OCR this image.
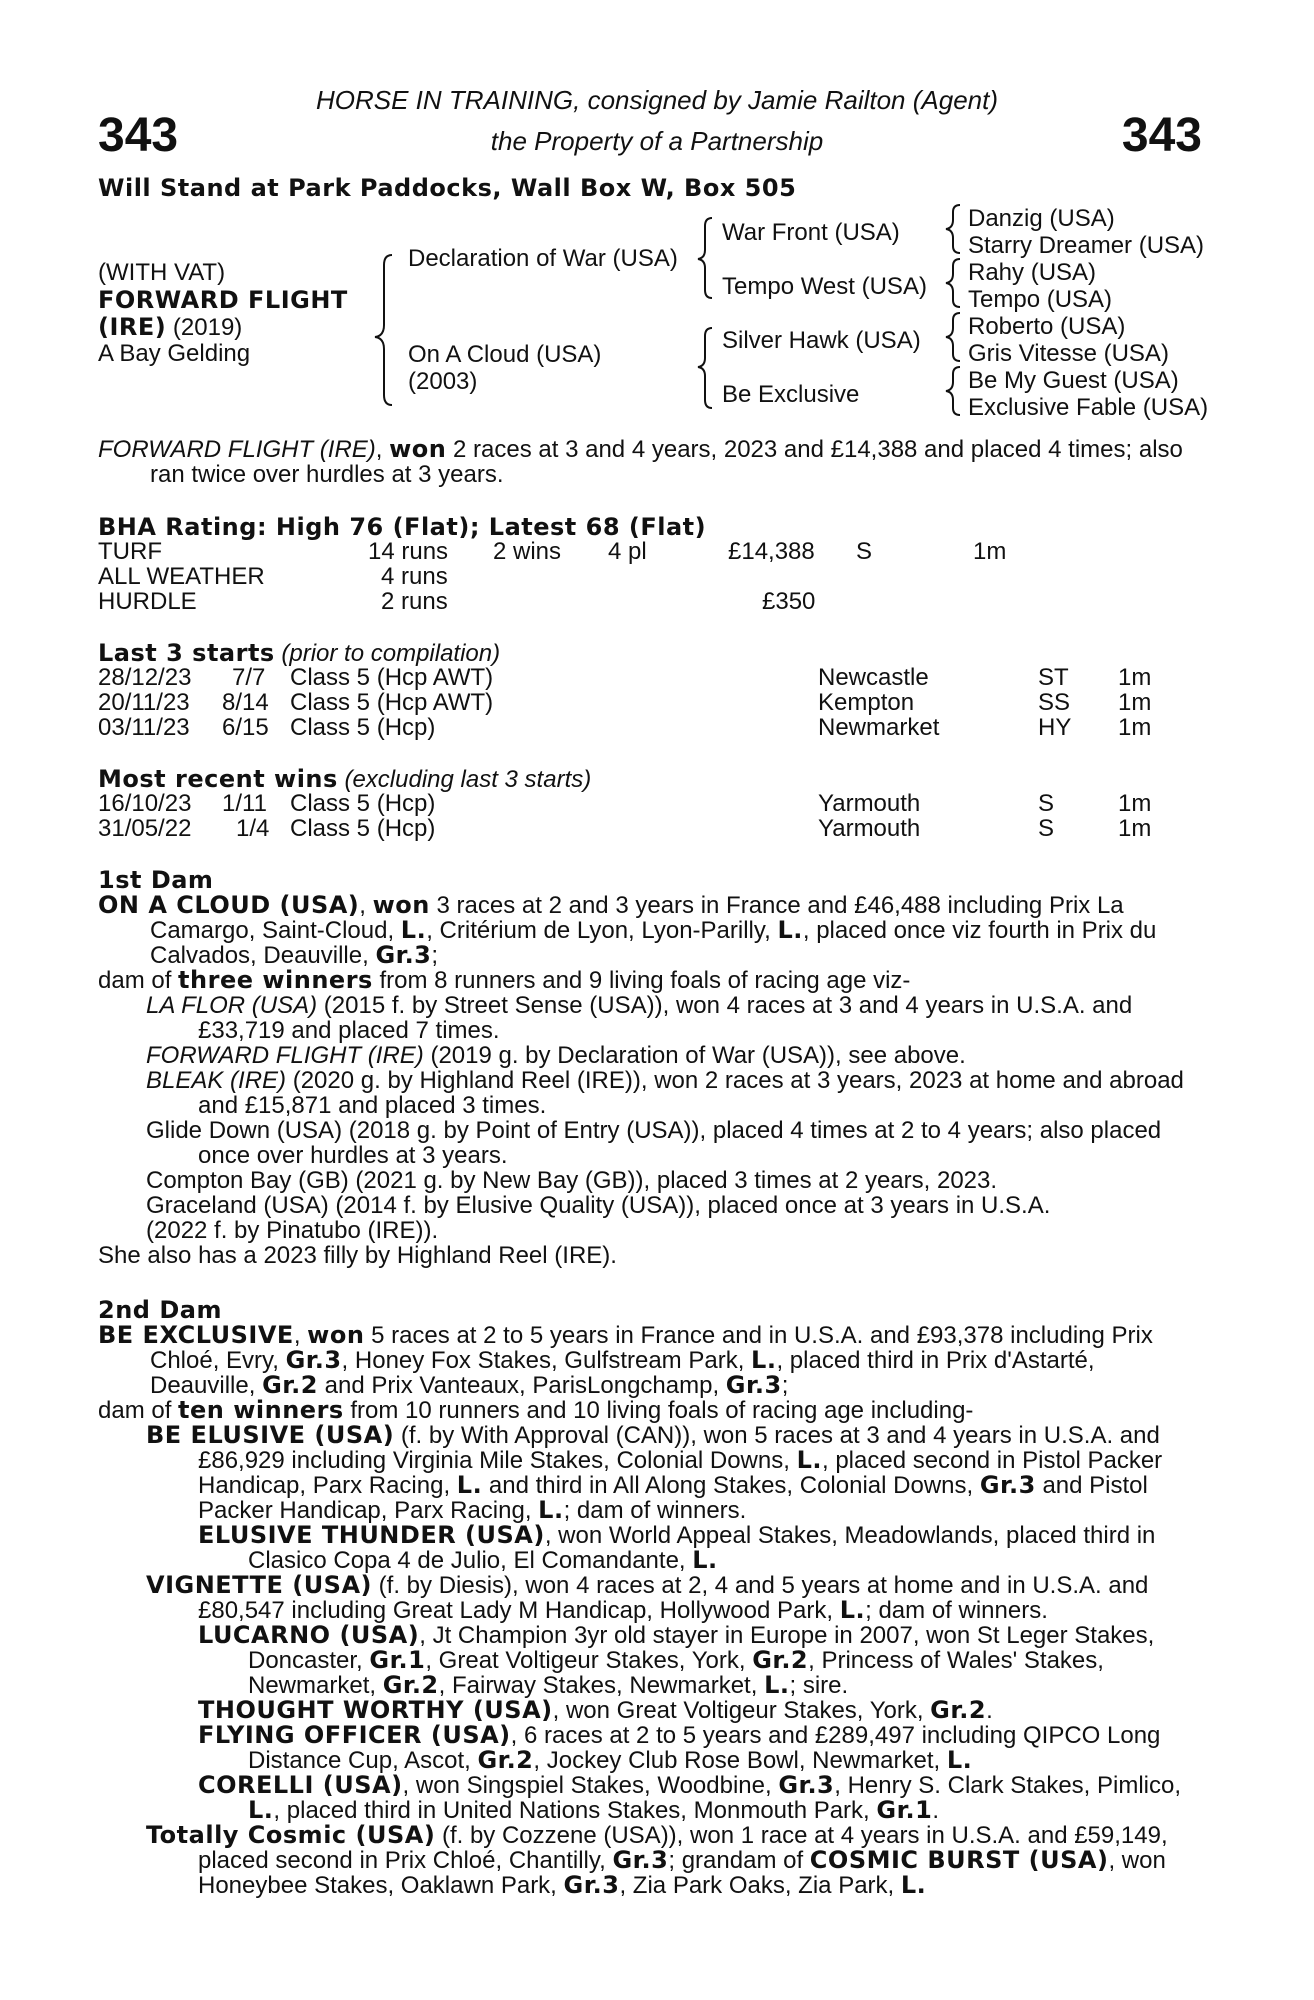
343	343
HORSE IN TRAINING, consigned by Jamie Railton (Agent)
the Property of a Partnership
Will Stand at Park Paddocks, Wall Box W, Box 505
(WITH VAT)
FORWARD FLIGHT
(IRE) (2019)
A Bay Gelding
Declaration of War (USA)
On A Cloud (USA)
(2003)
War Front (USA)
Tempo West (USA)
Silver Hawk (USA)
Be Exclusive
Danzig (USA)
Starry Dreamer (USA)
Rahy (USA)
Tempo (USA)
Roberto (USA)
Gris Vitesse (USA)
Be My Guest (USA)
Exclusive Fable (USA)

FORWARD FLIGHT (IRE), won 2 races at 3 and 4 years, 2023 and £14,388 and placed 4 times; also ran twice over hurdles at 3 years.

BHA Rating: High 76 (Flat); Latest 68 (Flat)
TURF	14 runs 2 wins 4 pl	£14,388 S	1m
ALL WEATHER	4 runs
HURDLE	2 runs	£350
Last 3 starts (prior to compilation)
28/12/23 7/7 Class 5 (Hcp AWT)	Newcastle	ST 1m
20/11/23 8/14 Class 5 (Hcp AWT)	Kempton	SS 1m
03/11/23 6/15 Class 5 (Hcp)	Newmarket	HY 1m
Most recent wins (excluding last 3 starts)
16/10/23 1/11 Class 5 (Hcp)	Yarmouth	S	1m
31/05/22 1/4 Class 5 (Hcp)	Yarmouth	S	1m

1st Dam

ON A CLOUD (USA), won 3 races at 2 and 3 years in France and £46,488 including Prix La Camargo, Saint-Cloud, L., Critérium de Lyon, Lyon-Parilly, L., placed once viz fourth in Prix du Calvados, Deauville, Gr.3;

dam of three winners from 8 runners and 9 living foals of racing age viz-

LA FLOR (USA) (2015 f. by Street Sense (USA)), won 4 races at 3 and 4 years in U.S.A. and £33,719 and placed 7 times.

FORWARD FLIGHT (IRE) (2019 g. by Declaration of War (USA)), see above.

BLEAK (IRE) (2020 g. by Highland Reel (IRE)), won 2 races at 3 years, 2023 at home and abroad and £15,871 and placed 3 times.

Glide Down (USA) (2018 g. by Point of Entry (USA)), placed 4 times at 2 to 4 years; also placed once over hurdles at 3 years.

Compton Bay (GB) (2021 g. by New Bay (GB)), placed 3 times at 2 years, 2023.

Graceland (USA) (2014 f. by Elusive Quality (USA)), placed once at 3 years in U.S.A.

(2022 f. by Pinatubo (IRE)).

She also has a 2023 filly by Highland Reel (IRE).

2nd Dam

BE EXCLUSIVE, won 5 races at 2 to 5 years in France and in U.S.A. and £93,378 including Prix Chloé, Evry, Gr.3, Honey Fox Stakes, Gulfstream Park, L., placed third in Prix d'Astarté, Deauville, Gr.2 and Prix Vanteaux, ParisLongchamp, Gr.3;

dam of ten winners from 10 runners and 10 living foals of racing age including-

BE ELUSIVE (USA) (f. by With Approval (CAN)), won 5 races at 3 and 4 years in U.S.A. and £86,929 including Virginia Mile Stakes, Colonial Downs, L., placed second in Pistol Packer Handicap, Parx Racing, L. and third in All Along Stakes, Colonial Downs, Gr.3 and Pistol Packer Handicap, Parx Racing, L.; dam of winners.

ELUSIVE THUNDER (USA), won World Appeal Stakes, Meadowlands, placed third in Clasico Copa 4 de Julio, El Comandante, L.

VIGNETTE (USA) (f. by Diesis), won 4 races at 2, 4 and 5 years at home and in U.S.A. and £80,547 including Great Lady M Handicap, Hollywood Park, L.; dam of winners.

LUCARNO (USA), Jt Champion 3yr old stayer in Europe in 2007, won St Leger Stakes, Doncaster, Gr.1, Great Voltigeur Stakes, York, Gr.2, Princess of Wales' Stakes, Newmarket, Gr.2, Fairway Stakes, Newmarket, L.; sire.

THOUGHT WORTHY (USA), won Great Voltigeur Stakes, York, Gr.2.

FLYING OFFICER (USA), 6 races at 2 to 5 years and £289,497 including QIPCO Long Distance Cup, Ascot, Gr.2, Jockey Club Rose Bowl, Newmarket, L.

CORELLI (USA), won Singspiel Stakes, Woodbine, Gr.3, Henry S. Clark Stakes, Pimlico, L., placed third in United Nations Stakes, Monmouth Park, Gr.1.

Totally Cosmic (USA) (f. by Cozzene (USA)), won 1 race at 4 years in U.S.A. and £59,149, placed second in Prix Chloé, Chantilly, Gr.3; grandam of COSMIC BURST (USA), won Honeybee Stakes, Oaklawn Park, Gr.3, Zia Park Oaks, Zia Park, L.
